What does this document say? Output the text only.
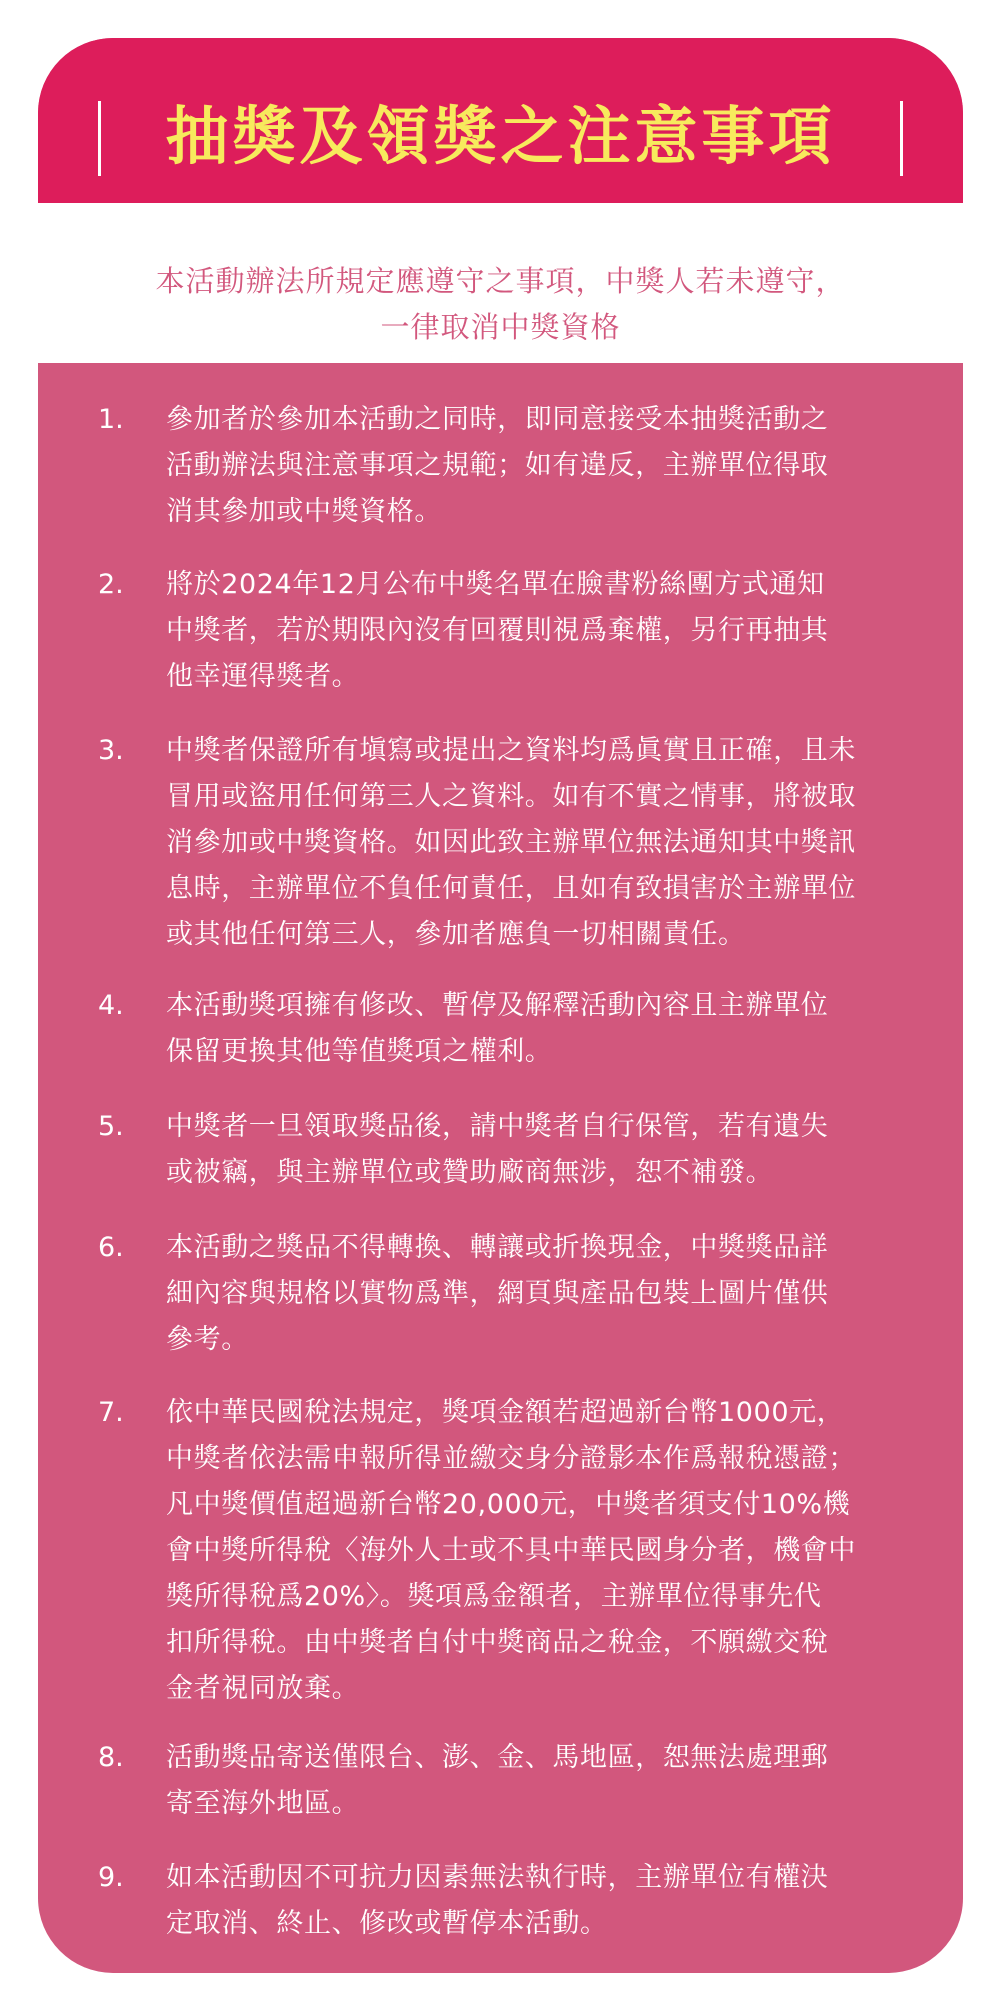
抽獎及領獎之注意事項
本活動辦法所規定應遵守之事項，中獎人若未遵守，
一律取消中獎資格
1. 參加者於參加本活動之同時，即同意接受本抽獎活動之
活動辦法與注意事項之規範；如有違反，主辦單位得取
消其參加或中獎資格。
2. 將於2024年12月公布中獎名單在臉書粉絲團方式通知
中獎者，若於期限內沒有回覆則視爲棄權，另行再抽其
他幸運得獎者。
3. 中獎者保證所有塡寫或提出之資料均爲眞實且正確，且未
冒用或盜用任何第三人之資料。如有不實之情事，將被取
消參加或中獎資格。如因此致主辦單位無法通知其中獎訊
息時，主辦單位不負任何責任，且如有致損害於主辦單位
或其他任何第三人，參加者應負一切相關責任。
4. 本活動獎項擁有修改、暫停及解釋活動內容且主辦單位
保留更換其他等值獎項之權利。
5. 中獎者一旦領取獎品後，請中獎者自行保管，若有遺失
或被竊，與主辦單位或贊助廠商無涉，恕不補發。
6. 本活動之獎品不得轉換、轉讓或折換現金，中獎獎品詳
細內容與規格以實物爲準，網頁與產品包裝上圖片僅供
參考。
7. 依中華民國稅法規定，獎項金額若超過新台幣1000元，
中獎者依法需申報所得並繳交身分證影本作爲報稅憑證；
凡中獎價值超過新台幣20,000元，中獎者須支付10%機
會中獎所得稅〈海外人士或不具中華民國身分者，機會中
獎所得稅爲20%〉。獎項爲金額者，主辦單位得事先代
扣所得稅。由中獎者自付中獎商品之稅金，不願繳交稅
金者視同放棄。
8. 活動獎品寄送僅限台、澎、金、馬地區，恕無法處理郵
寄至海外地區。
9. 如本活動因不可抗力因素無法執行時，主辦單位有權決
定取消、終止、修改或暫停本活動。
